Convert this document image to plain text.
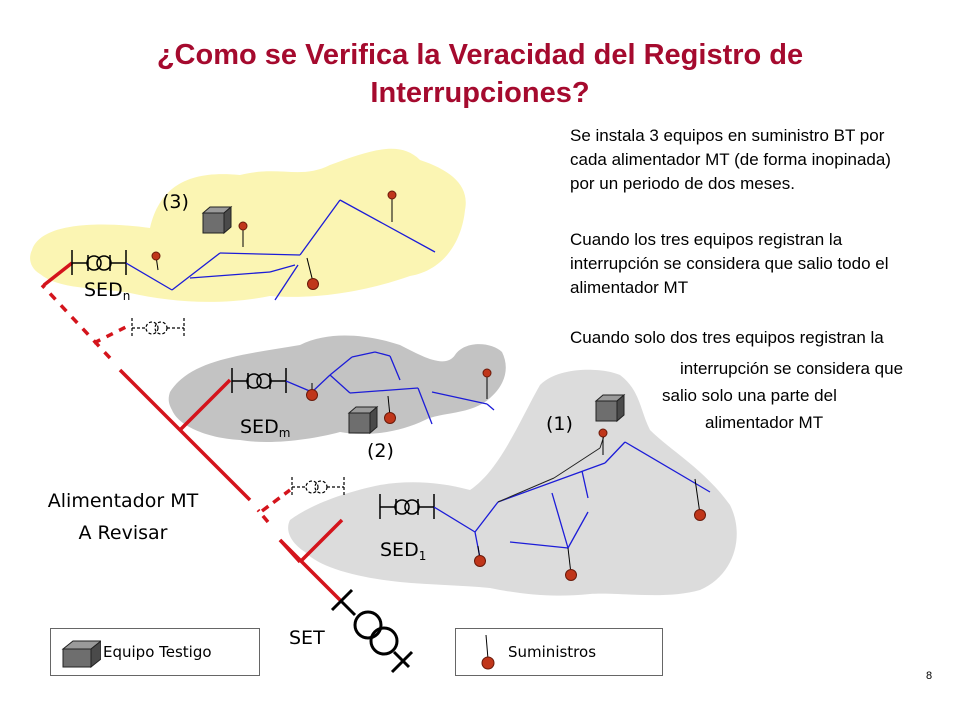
¿Como se Verifica la Veracidad del Registro de
Interrupciones?
(3)
(2)
(1)
$SED_n$
$SED_m$
$SED_1$
Alimentador MT
A Revisar
SET
Se instala 3 equipos en suministro BT por
cada alimentador MT (de forma inopinada)
por un periodo de dos meses.
Cuando los tres equipos registran la
interrupción se considera que salio todo el
alimentador MT
Cuando solo dos tres equipos registran la
interrupción se considera que
salio solo una parte del
alimentador MT
Equipo Testigo	Suministros
8
